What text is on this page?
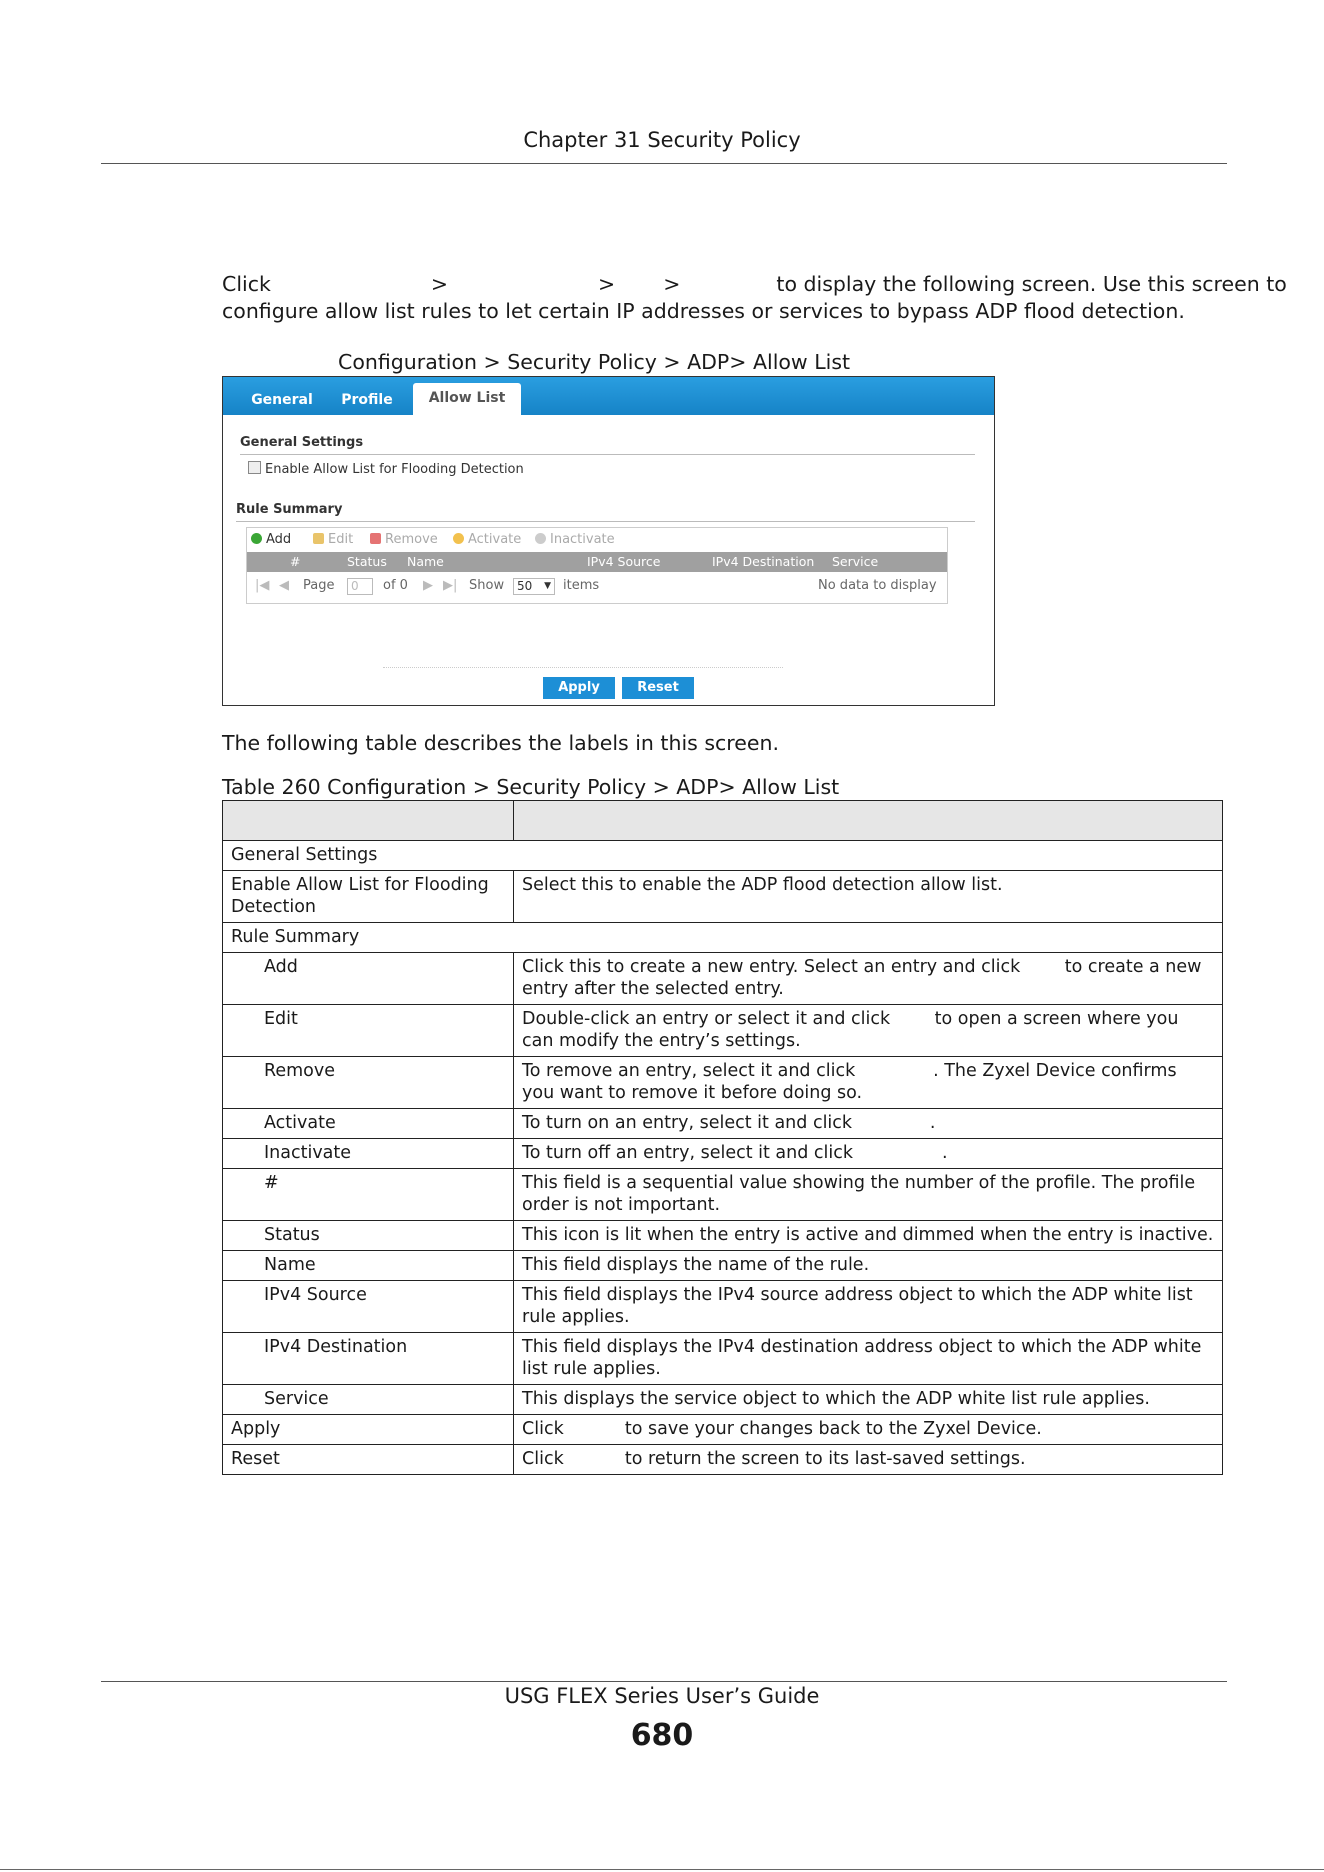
Chapter 31 Security Policy
Click	>	> >	to display the following screen. Use this screen to
configure allow list rules to let certain IP addresses or services to bypass ADP flood detection.
Configuration > Security Policy > ADP> Allow List
General	Profile	Allow List
General Settings
Enable Allow List for Flooding Detection
Rule Summary
Add	Edit	Remove	Activate	Inactivate
#	Status Name	IPv4 Source	IPv4 Destination Service
|◀ ◀ Page	0	of 0 ▶ ▶| Show	50 ▼ items	No data to display
Apply	Reset
The following table describes the labels in this screen.
Table 260 Configuration > Security Policy > ADP> Allow List

General Settings	
Enable Allow List for Flooding Detection	Select this to enable the ADP flood detection allow list.
Rule Summary	
Add	Click this to create a new entry. Select an entry and click        to create a new entry after the selected entry.
Edit	Double-click an entry or select it and click        to open a screen where you can modify the entry’s settings.
Remove	To remove an entry, select it and click              . The Zyxel Device confirms you want to remove it before doing so.
Activate	To turn on an entry, select it and click              .
Inactivate	To turn off an entry, select it and click                .
#	This field is a sequential value showing the number of the profile. The profile order is not important.
Status	This icon is lit when the entry is active and dimmed when the entry is inactive.
Name	This field displays the name of the rule.
IPv4 Source	This field displays the IPv4 source address object to which the ADP white list rule applies.
IPv4 Destination	This field displays the IPv4 destination address object to which the ADP white list rule applies.
Service	This displays the service object to which the ADP white list rule applies.
Apply	Click           to save your changes back to the Zyxel Device.
Reset	Click           to return the screen to its last-saved settings.
USG FLEX Series User’s Guide
680
